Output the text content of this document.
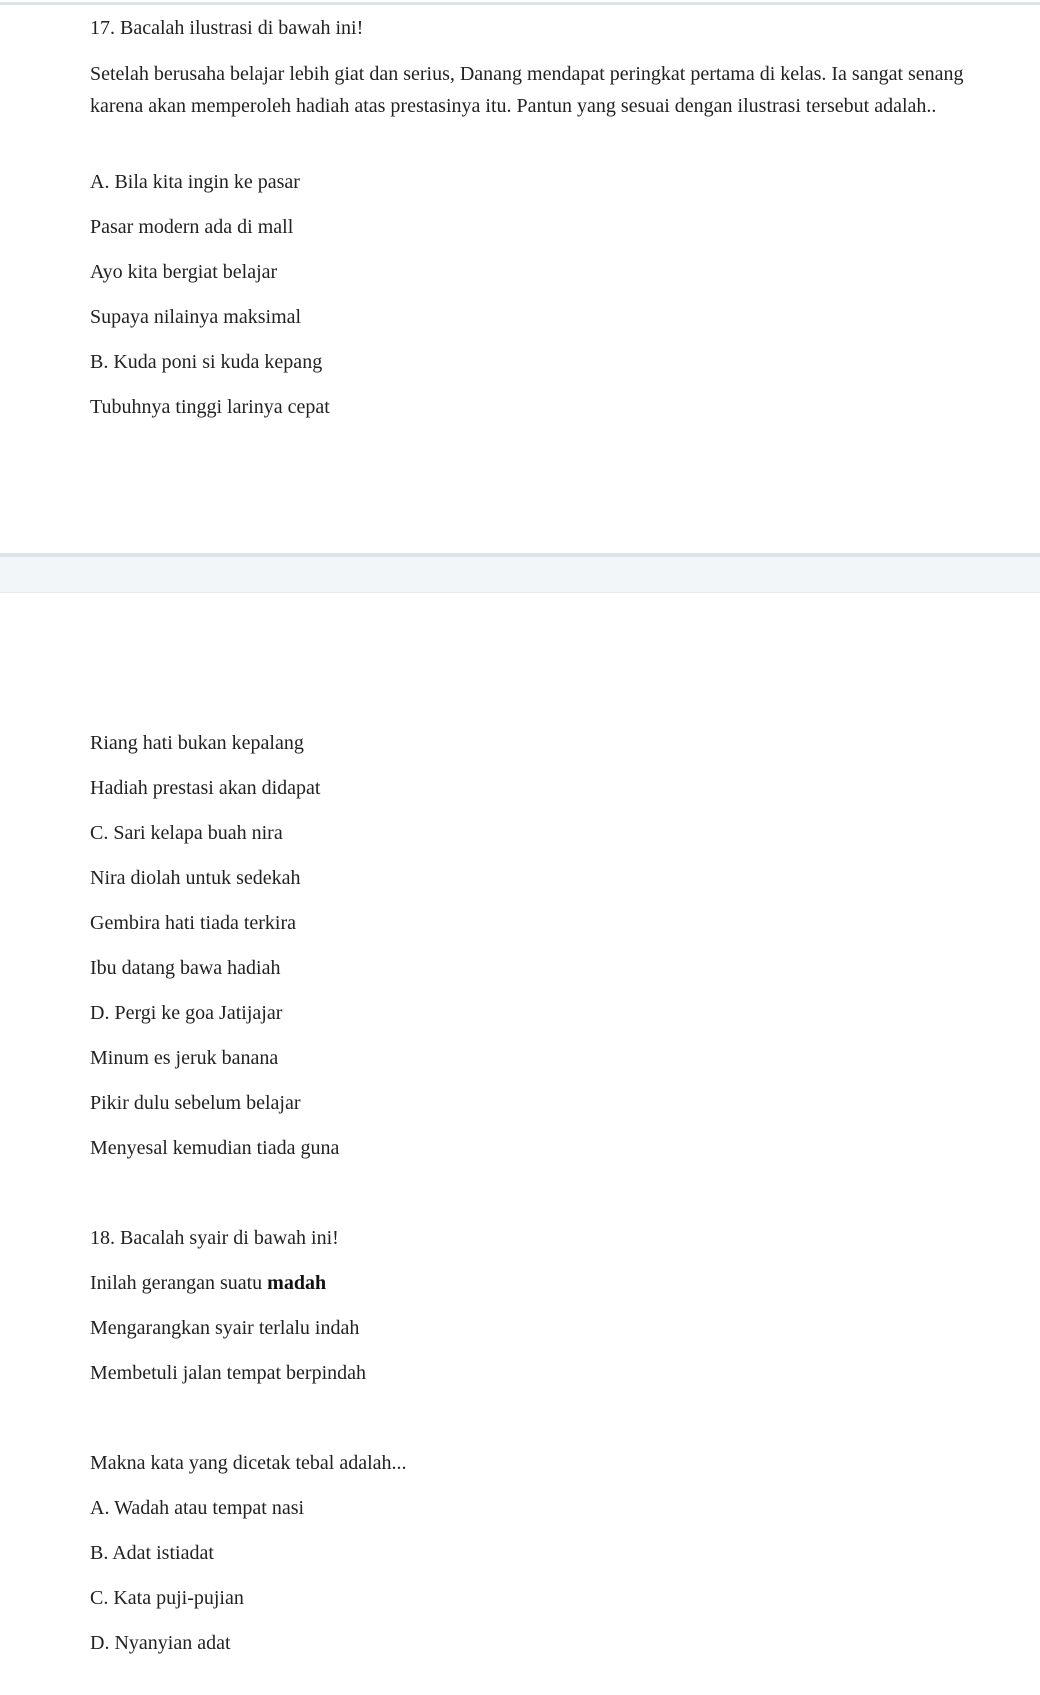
17. Bacalah ilustrasi di bawah ini!

Setelah berusaha belajar lebih giat dan serius, Danang mendapat peringkat pertama di kelas. Ia sangat senang karena akan memperoleh hadiah atas prestasinya itu. Pantun yang sesuai dengan ilustrasi tersebut adalah..

A. Bila kita ingin ke pasar

Pasar modern ada di mall

Ayo kita bergiat belajar

Supaya nilainya maksimal

B. Kuda poni si kuda kepang

Tubuhnya tinggi larinya cepat

Riang hati bukan kepalang

Hadiah prestasi akan didapat

C. Sari kelapa buah nira

Nira diolah untuk sedekah

Gembira hati tiada terkira

Ibu datang bawa hadiah

D. Pergi ke goa Jatijajar

Minum es jeruk banana

Pikir dulu sebelum belajar

Menyesal kemudian tiada guna

18. Bacalah syair di bawah ini!

Inilah gerangan suatu madah

Mengarangkan syair terlalu indah

Membetuli jalan tempat berpindah

Makna kata yang dicetak tebal adalah...

A. Wadah atau tempat nasi

B. Adat istiadat

C. Kata puji-pujian

D. Nyanyian adat
